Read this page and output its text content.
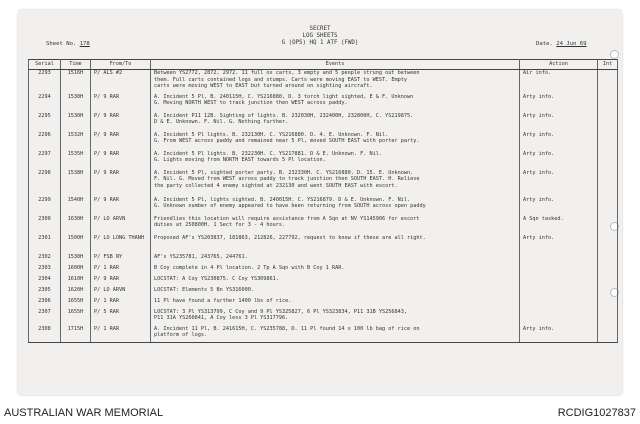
SECRET
LOG SHEETS
G (OPS) HQ 1 ATF (FWD)
Sheet No. 178	Date. 24 Jun 69
Serial	Time	From/To	Events	Action	Int
2293	1516H	P/ ALS #2	Between YS2772, 2872, 2972. 11 full ox carts, 3 empty and 5 people strung out between
them. Full carts contained logs and stumps. Carts were moving EAST to WEST. Empty
carts were moving WEST to EAST but turned around on sighting aircraft.	Air info.	
2294	1530H	P/ 9 RAR	A. Incident 5 Pl, B. 240115H, C. YS216880, D. 3 torch light sighted, E & F. Unknown
G. Moving NORTH WEST to track junction then WEST across paddy.	Arty info.	
2295	1530H	P/ 9 RAR	A. Incident P11 12B. Sighting of lights. B. 232030H, 232400H, 232800H, C. YS219875.
D & E. Unknown. F. Nil. G. Nothing further.	Arty info.	
2296	1532H	P/ 9 RAR	A. Incident 5 Pl lights. B. 232130H. C. YS216880. D. 4. E. Unknown. F. Nil.
G. From WEST across paddy and remained near 5 Pl, moved SOUTH EAST with porter party.	Arty info.	
2297	1535H	P/ 9 RAR	A. Incident 5 Pl lights. B. 232230H. C. YS217881. D & E. Unknown. F. Nil.
G. Lights moving from NORTH EAST towards 5 Pl location.	Arty info.	
2298	1538H	P/ 9 RAR	A. Incident 5 Pl, sighted porter party. B. 232330H. C. YS216880. D. 15. E. Unknown.
F. Nil. G. Moved from WEST across paddy to track junction then SOUTH EAST. H. Relieve
the party collected 4 enemy sighted at 232130 and went SOUTH EAST with escort.	Arty info.	
2299	1540H	P/ 9 RAR	A. Incident 5 Pl, lights sighted. B. 240015H. C. YS216879. D & E. Unknown. F. Nil.
G. Unknown number of enemy appeared to have been returning from SOUTH across open paddy	Arty info.	
2300	1630H	P/ LO ARVN	Friendlies this location will require assistance from A Sqn at NV YS145906 for escort
duties at 250800H. 1 Sect for 3 - 4 hours.	A Sqn tasked.	
2301	1500H	P/ LO LONG THANH	Proposed AF's YS203837, 181863, 212826, 227792, request to know if these are all right.	Arty info.	
2302	1530H	P/ FSB NY	AF's YS235781, 243765, 244761.		

2303	1600H	P/ 1 RAR	B Coy complete in 4 Pl location. 2 Tp A Sqn with B Coy 1 RAR.		

2304	1610H	P/ 9 RAR	LOCSTAT: A Coy YS230875. C Coy YS309861.		

2305	1620H	P/ LO ARVN	LOCSTAT: Elements 5 Bn YS316000.		

2306	1655H	P/ 1 RAR	11 Pl have found a further 1400 lbs of rice.		

2307	1655H	P/ 5 RAR	LOCSTAT: 3 Pl YS313799, C Coy and 9 Pl YS325827, 6 Pl YS323834, P11 31B YS256843,
P11 31A YS260841, A Coy less 3 Pl YS317796.		

2308	1715H	P/ 1 RAR	A. Incident 11 Pl, B. 241615H, C. YS235788, D. 11 Pl found 14 x 100 lb bag of rice on
platform of logs.	Arty info.	
AUSTRALIAN WAR MEMORIAL	RCDIG1027837
